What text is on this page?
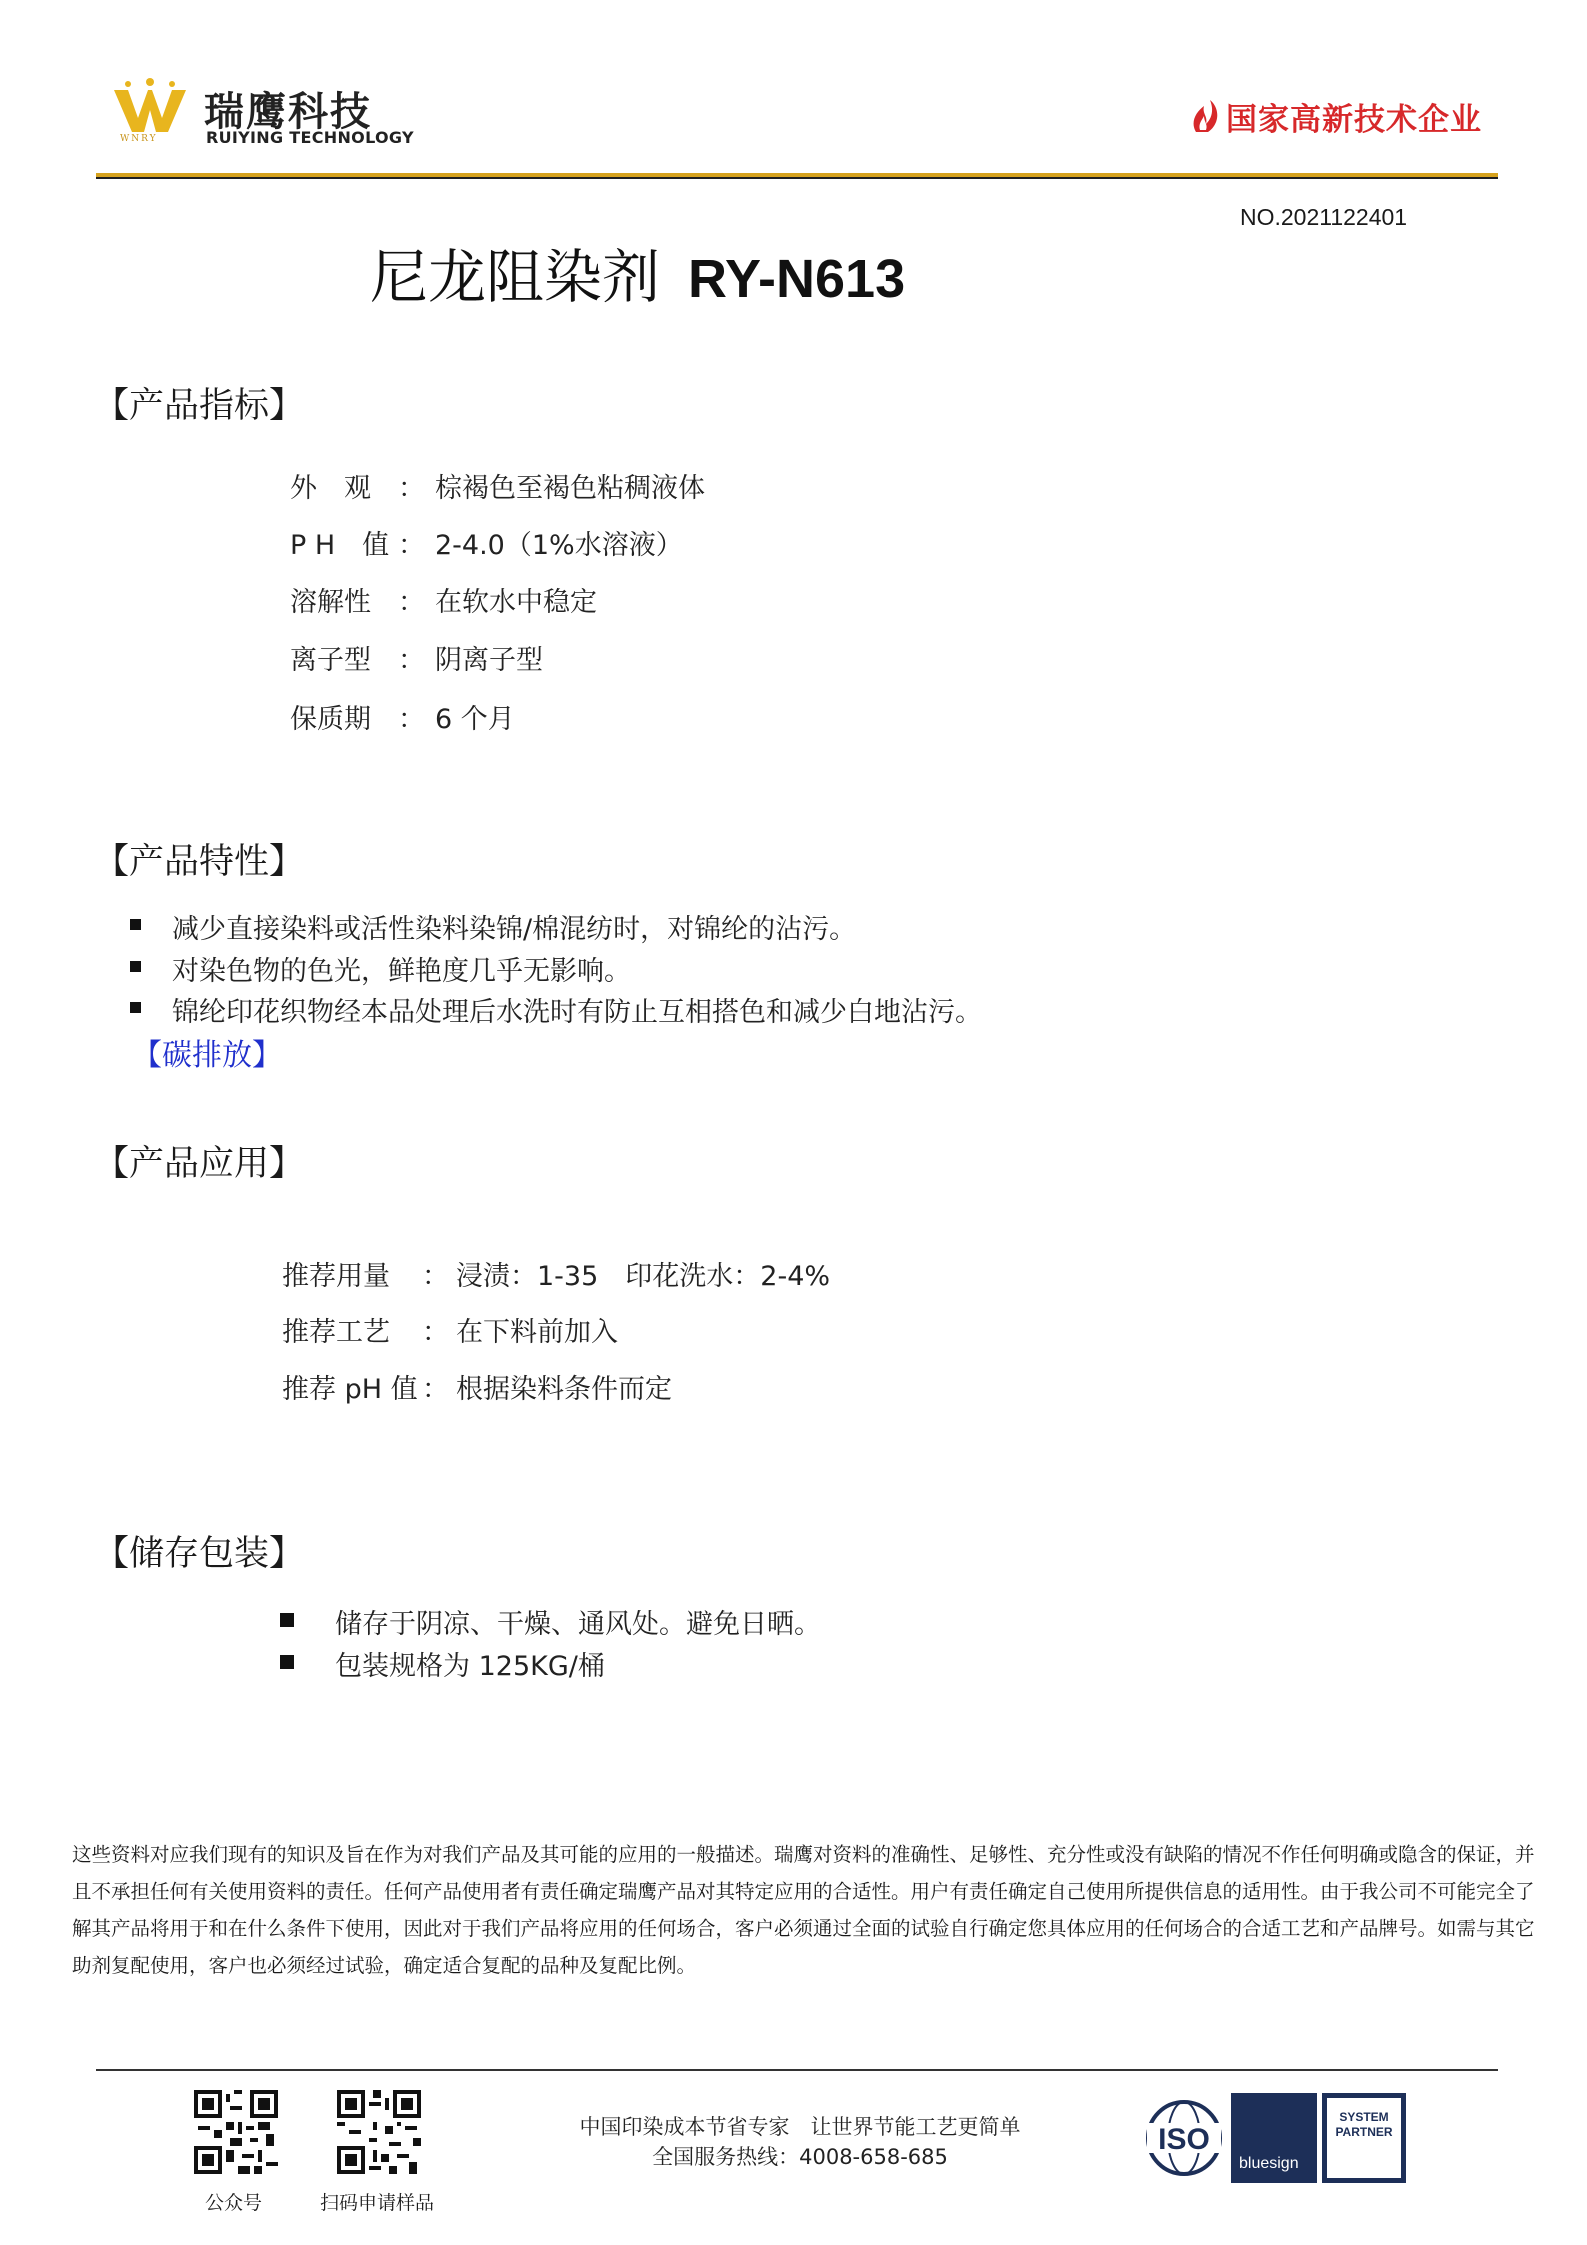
WNRY
瑞鹰科技
RUIYING TECHNOLOGY	国家高新技术企业
NO.2021122401
尼龙阻染剂 RY-N613
【产品指标】
外　观 ： 棕褐色至褐色粘稠液体
P H　值 ： 2-4.0（1%水溶液）
溶解性 ： 在软水中稳定
离子型 ： 阴离子型
保质期 ： 6 个月
【产品特性】
减少直接染料或活性染料染锦/棉混纺时，对锦纶的沾污。
对染色物的色光，鲜艳度几乎无影响。
锦纶印花织物经本品处理后水洗时有防止互相搭色和减少白地沾污。
【碳排放】
【产品应用】
推荐用量 ： 浸渍：1-35　印花洗水：2-4%
推荐工艺 ： 在下料前加入
推荐 pH 值 ： 根据染料条件而定
【储存包装】
储存于阴凉、干燥、通风处。避免日晒。
包装规格为 125KG/桶
这些资料对应我们现有的知识及旨在作为对我们产品及其可能的应用的一般描述。瑞鹰对资料的准确性、足够性、充分性或没有缺陷的情况不作任何明确或隐含的保证，并且不承担任何有关使用资料的责任。任何产品使用者有责任确定瑞鹰产品对其特定应用的合适性。用户有责任确定自己使用所提供信息的适用性。由于我公司不可能完全了解其产品将用于和在什么条件下使用，因此对于我们产品将应用的任何场合，客户必须通过全面的试验自行确定您具体应用的任何场合的合适工艺和产品牌号。如需与其它助剂复配使用，客户也必须经过试验，确定适合复配的品种及复配比例。
公众号	扫码申请样品
中国印染成本节省专家　让世界节能工艺更简单
全国服务热线：4008-658-685
ISO
bluesign
SYSTEM PARTNER
